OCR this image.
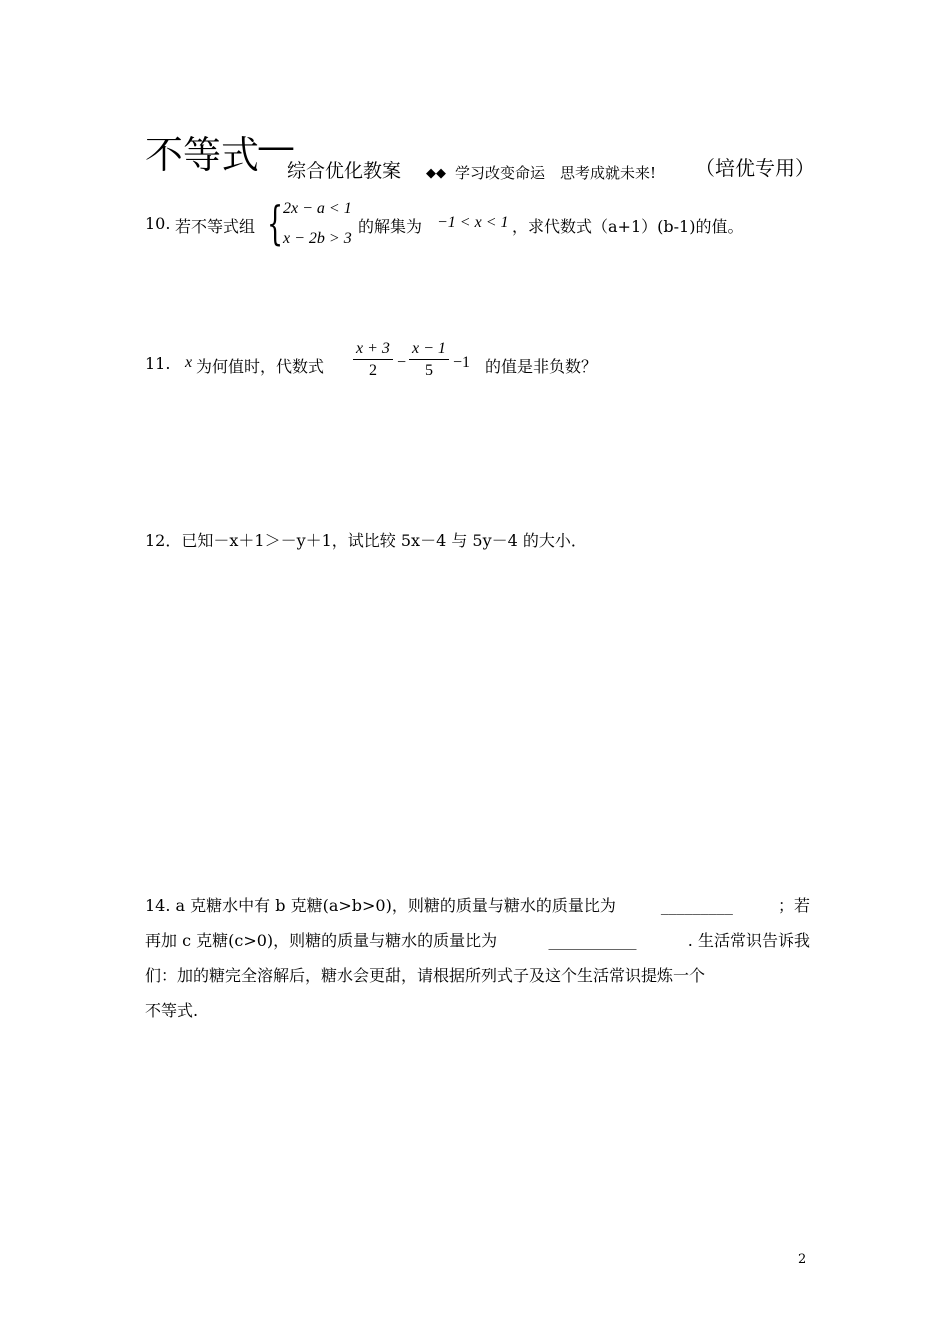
不等式
—
综合优化教案 ◆◆ 学习改变命运　思考成就未来! （培优专用）
10. 若不等式组 { 2x − a < 1
x − 2b > 3
的解集为 −1 < x < 1 ，求代数式（a+1）(b-1)的值。
11. x 为何值时，代数式 $\frac{x + 3}{2} - \frac{x - 1}{5} -1$ 的值是非负数？
12．已知－x＋1＞－y＋1，试比较 5x－4 与 5y－4 的大小．
14. a 克糖水中有 b 克糖(a>b>0)，则糖的质量与糖水的质量比为	_________	；若
再加 c 克糖(c>0)，则糖的质量与糖水的质量比为	___________	. 生活常识告诉我
们：加的糖完全溶解后，糖水会更甜，请根据所列式子及这个生活常识提炼一个
不等式.
2
